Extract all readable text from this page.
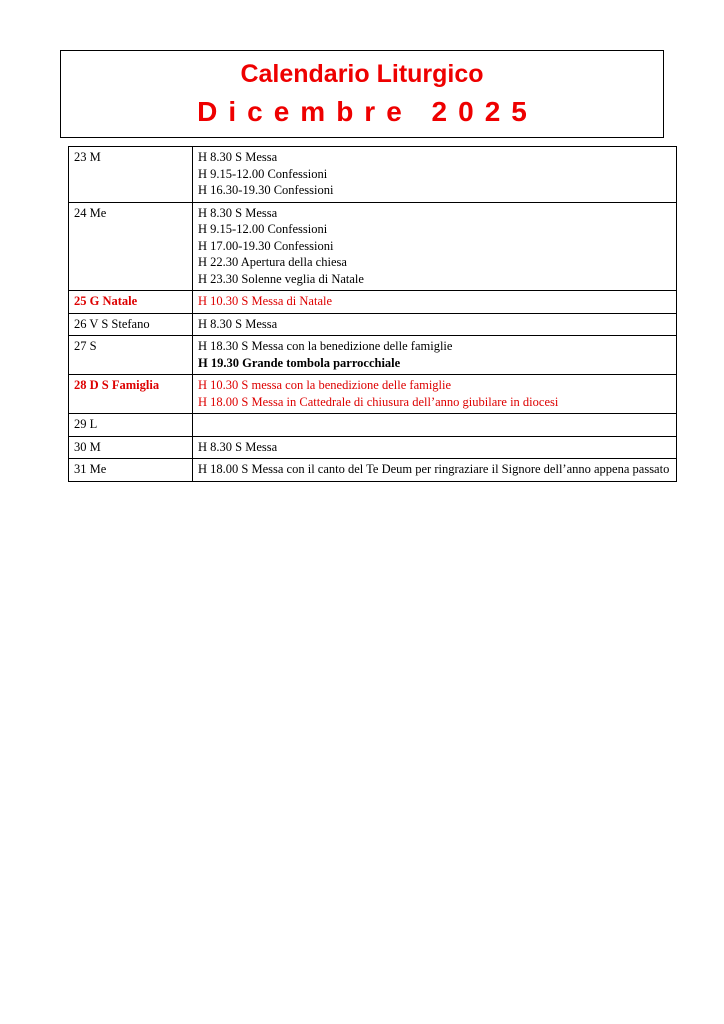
Calendario Liturgico
Dicembre 2025
23 M	H 8.30 S Messa
H 9.15-12.00 Confessioni
H 16.30-19.30 Confessioni

24 Me	H 8.30 S Messa
H 9.15-12.00 Confessioni
H 17.00-19.30 Confessioni
H 22.30 Apertura della chiesa
H 23.30 Solenne veglia di Natale

25 G Natale	H 10.30 S Messa di Natale

26 V S Stefano	H 8.30 S Messa

27 S	H 18.30 S Messa con la benedizione delle famiglie
H 19.30 Grande tombola parrocchiale

28 D S Famiglia	H 10.30 S messa con la benedizione delle famiglie
H 18.00 S Messa in Cattedrale di chiusura dell’anno giubilare in diocesi

29 L	

30 M	H 8.30 S Messa

31 Me	H 18.00 S Messa con il canto del Te Deum per ringraziare il Signore dell’anno appena passato
